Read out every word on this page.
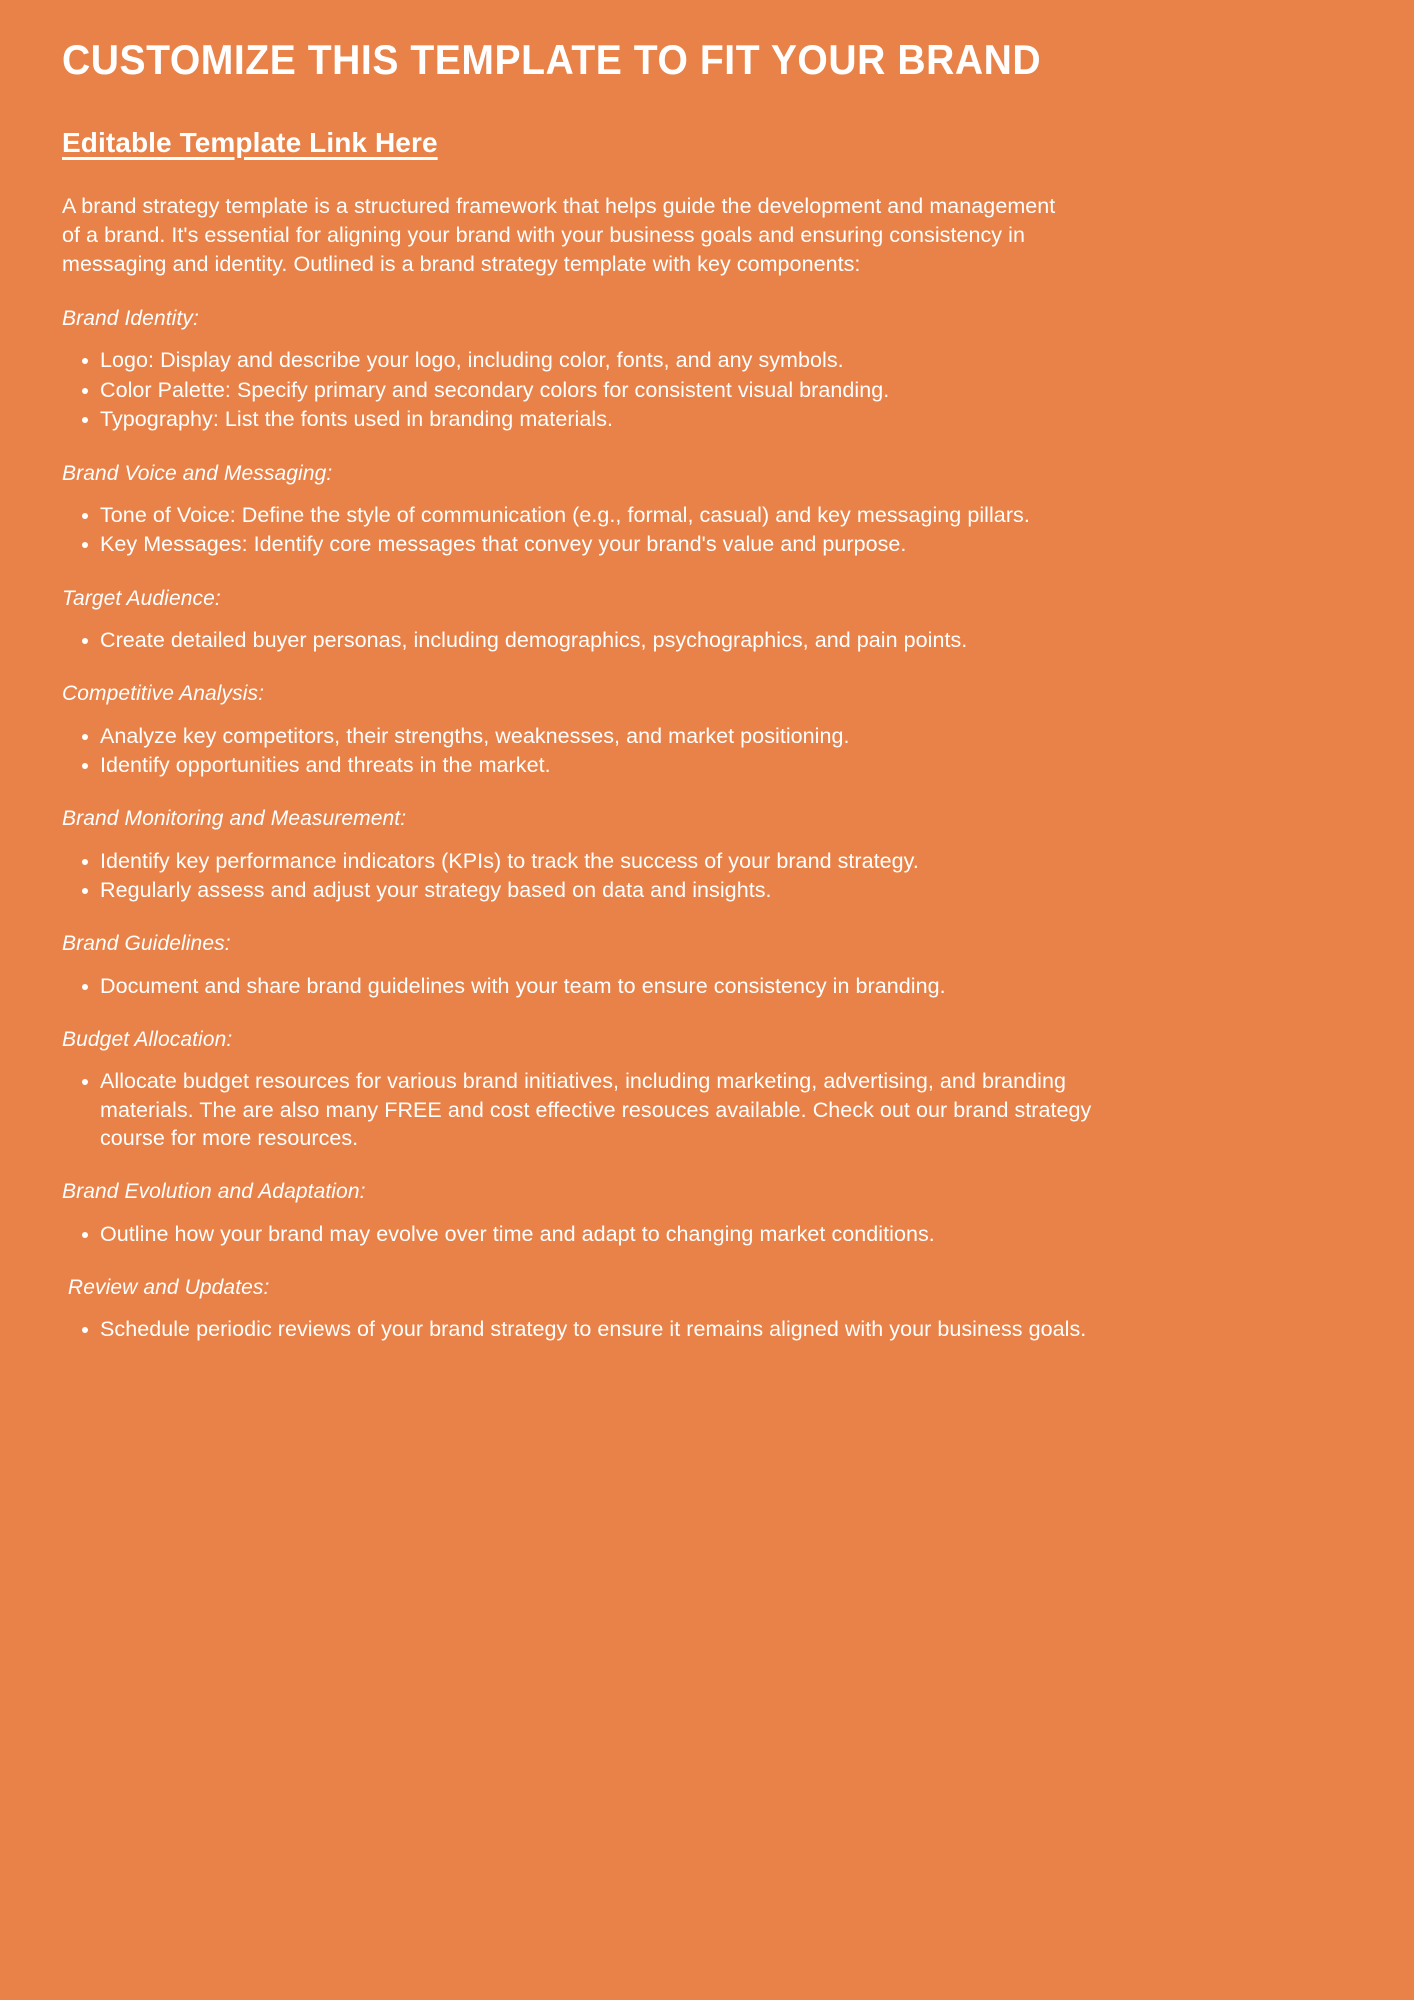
CUSTOMIZE THIS TEMPLATE TO FIT YOUR BRAND
Editable Template Link Here

A brand strategy template is a structured framework that helps guide the development and management of a brand. It's essential for aligning your brand with your business goals and ensuring consistency in messaging and identity. Outlined is a brand strategy template with key components:

Brand Identity:

Logo: Display and describe your logo, including color, fonts, and any symbols.
Color Palette: Specify primary and secondary colors for consistent visual branding.
Typography: List the fonts used in branding materials.

Brand Voice and Messaging:

Tone of Voice: Define the style of communication (e.g., formal, casual) and key messaging pillars.
Key Messages: Identify core messages that convey your brand's value and purpose.

Target Audience:

Create detailed buyer personas, including demographics, psychographics, and pain points.

Competitive Analysis:

Analyze key competitors, their strengths, weaknesses, and market positioning.
Identify opportunities and threats in the market.

Brand Monitoring and Measurement:

Identify key performance indicators (KPIs) to track the success of your brand strategy.
Regularly assess and adjust your strategy based on data and insights.

Brand Guidelines:

Document and share brand guidelines with your team to ensure consistency in branding.

Budget Allocation:

Allocate budget resources for various brand initiatives, including marketing, advertising, and branding materials. The are also many FREE and cost effective resouces available. Check out our brand strategy course for more resources.

Brand Evolution and Adaptation:

Outline how your brand may evolve over time and adapt to changing market conditions.

Review and Updates:

Schedule periodic reviews of your brand strategy to ensure it remains aligned with your business goals.
